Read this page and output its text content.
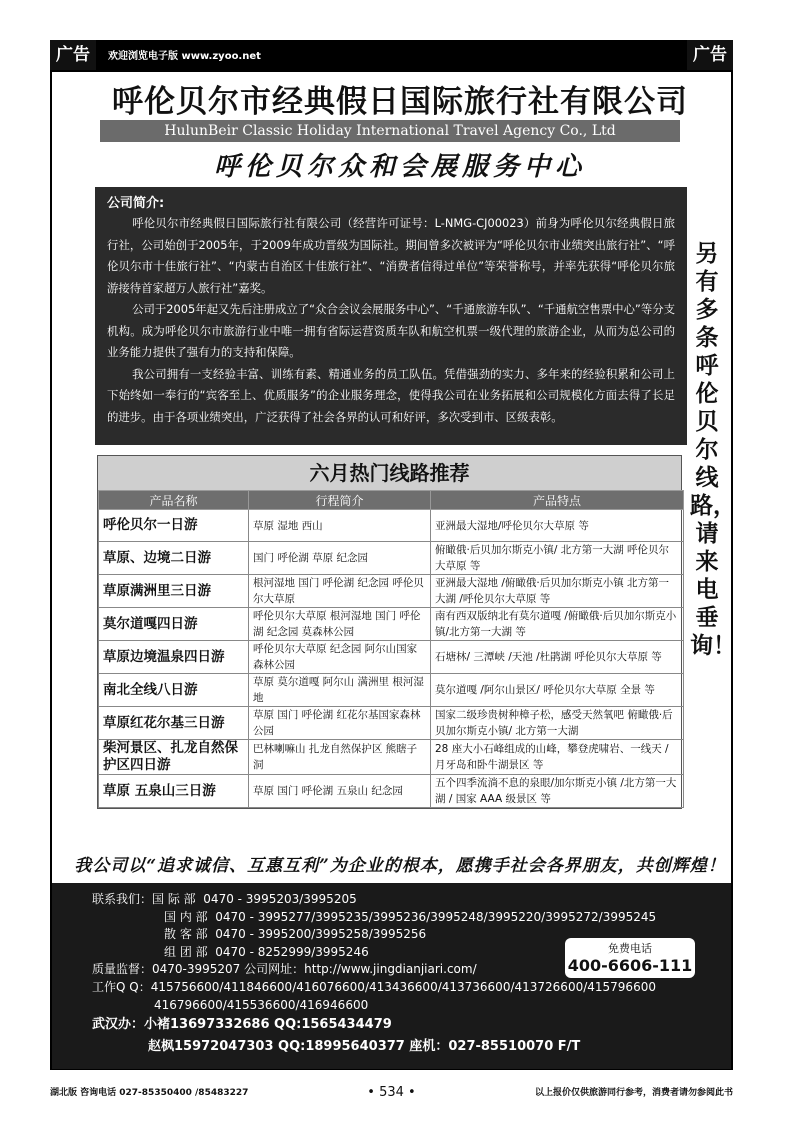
广告	欢迎浏览电子版 www.zyoo.net	广告
呼伦贝尔市经典假日国际旅行社有限公司
HulunBeir Classic Holiday International Travel Agency Co., Ltd
呼伦贝尔众和会展服务中心
公司简介:

呼伦贝尔市经典假日国际旅行社有限公司（经营许可证号：L-NMG-CJ00023）前身为呼伦贝尔经典假日旅行社，公司始创于2005年，于2009年成功晋级为国际社。期间曾多次被评为“呼伦贝尔市业绩突出旅行社”、“呼伦贝尔市十佳旅行社”、“内蒙古自治区十佳旅行社”、“消费者信得过单位”等荣誉称号，并率先获得“呼伦贝尔旅游接待首家超万人旅行社”嘉奖。

公司于2005年起又先后注册成立了“众合会议会展服务中心”、“千通旅游车队”、“千通航空售票中心”等分支机构。成为呼伦贝尔市旅游行业中唯一拥有省际运营资质车队和航空机票一级代理的旅游企业，从而为总公司的业务能力提供了强有力的支持和保障。

我公司拥有一支经验丰富、训练有素、精通业务的员工队伍。凭借强劲的实力、多年来的经验积累和公司上下始终如一奉行的“宾客至上、优质服务”的企业服务理念，使得我公司在业务拓展和公司规模化方面去得了长足的进步。由于各项业绩突出，广泛获得了社会各界的认可和好评，多次受到市、区级表彰。

另有多条呼伦贝尔线路，请来电垂询！
六月热门线路推荐
产品名称	行程简介	产品特点
呼伦贝尔一日游	草原 湿地 西山	亚洲最大湿地/呼伦贝尔大草原 等
草原、边境二日游	国门 呼伦湖 草原 纪念园	俯瞰俄·后贝加尔斯克小镇/ 北方第一大湖 呼伦贝尔大草原 等
草原满洲里三日游	根河湿地 国门 呼伦湖 纪念园 呼伦贝尔大草原	亚洲最大湿地 /俯瞰俄·后贝加尔斯克小镇 北方第一大湖 /呼伦贝尔大草原 等
莫尔道嘎四日游	呼伦贝尔大草原 根河湿地 国门 呼伦湖 纪念园 莫森林公园	南有西双版纳北有莫尔道嘎 /俯瞰俄·后贝加尔斯克小镇/北方第一大湖 等
草原边境温泉四日游	呼伦贝尔大草原 纪念园 阿尔山国家森林公园	石塘林/ 三潭峡 /天池 /杜鹃湖 呼伦贝尔大草原 等
南北全线八日游	草原 莫尔道嘎 阿尔山 满洲里 根河湿地	莫尔道嘎 /阿尔山景区/ 呼伦贝尔大草原 全景 等
草原红花尔基三日游	草原 国门 呼伦湖 红花尔基国家森林公园	国家二级珍贵树种樟子松，感受天然氧吧 俯瞰俄·后贝加尔斯克小镇/ 北方第一大湖
柴河景区、扎龙自然保护区四日游	巴林喇嘛山 扎龙自然保护区 熊瞎子洞	28 座大小石峰组成的山峰，攀登虎啸岩、一线天 /月牙岛和卧牛湖景区 等
草原 五泉山三日游	草原 国门 呼伦湖 五泉山 纪念园	五个四季流淌不息的泉眼/加尔斯克小镇 /北方第一大湖 / 国家 AAA 级景区 等
我公司以“追求诚信、互惠互利”为企业的根本，愿携手社会各界朋友，共创辉煌！
联系我们：国 际 部 0470 - 3995203/3995205
国 内 部 0470 - 3995277/3995235/3995236/3995248/3995220/3995272/3995245
散 客 部 0470 - 3995200/3995258/3995256
组 团 部 0470 - 8252999/3995246
质量监督：0470-3995207 公司网址：http://www.jingdianjiari.com/
工作Q Q：415756600/411846600/416076600/413436600/413736600/413726600/415796600
416796600/415536600/416946600
武汉办：小褚13697332686 QQ:1565434479
赵枫15972047303 QQ:18995640377 座机：027-85510070 F/T
免费电话
400-6606-111
湖北版 咨询电话 027-85350400 /85483227	• 534 •	以上报价仅供旅游同行参考，消费者请勿参阅此书
